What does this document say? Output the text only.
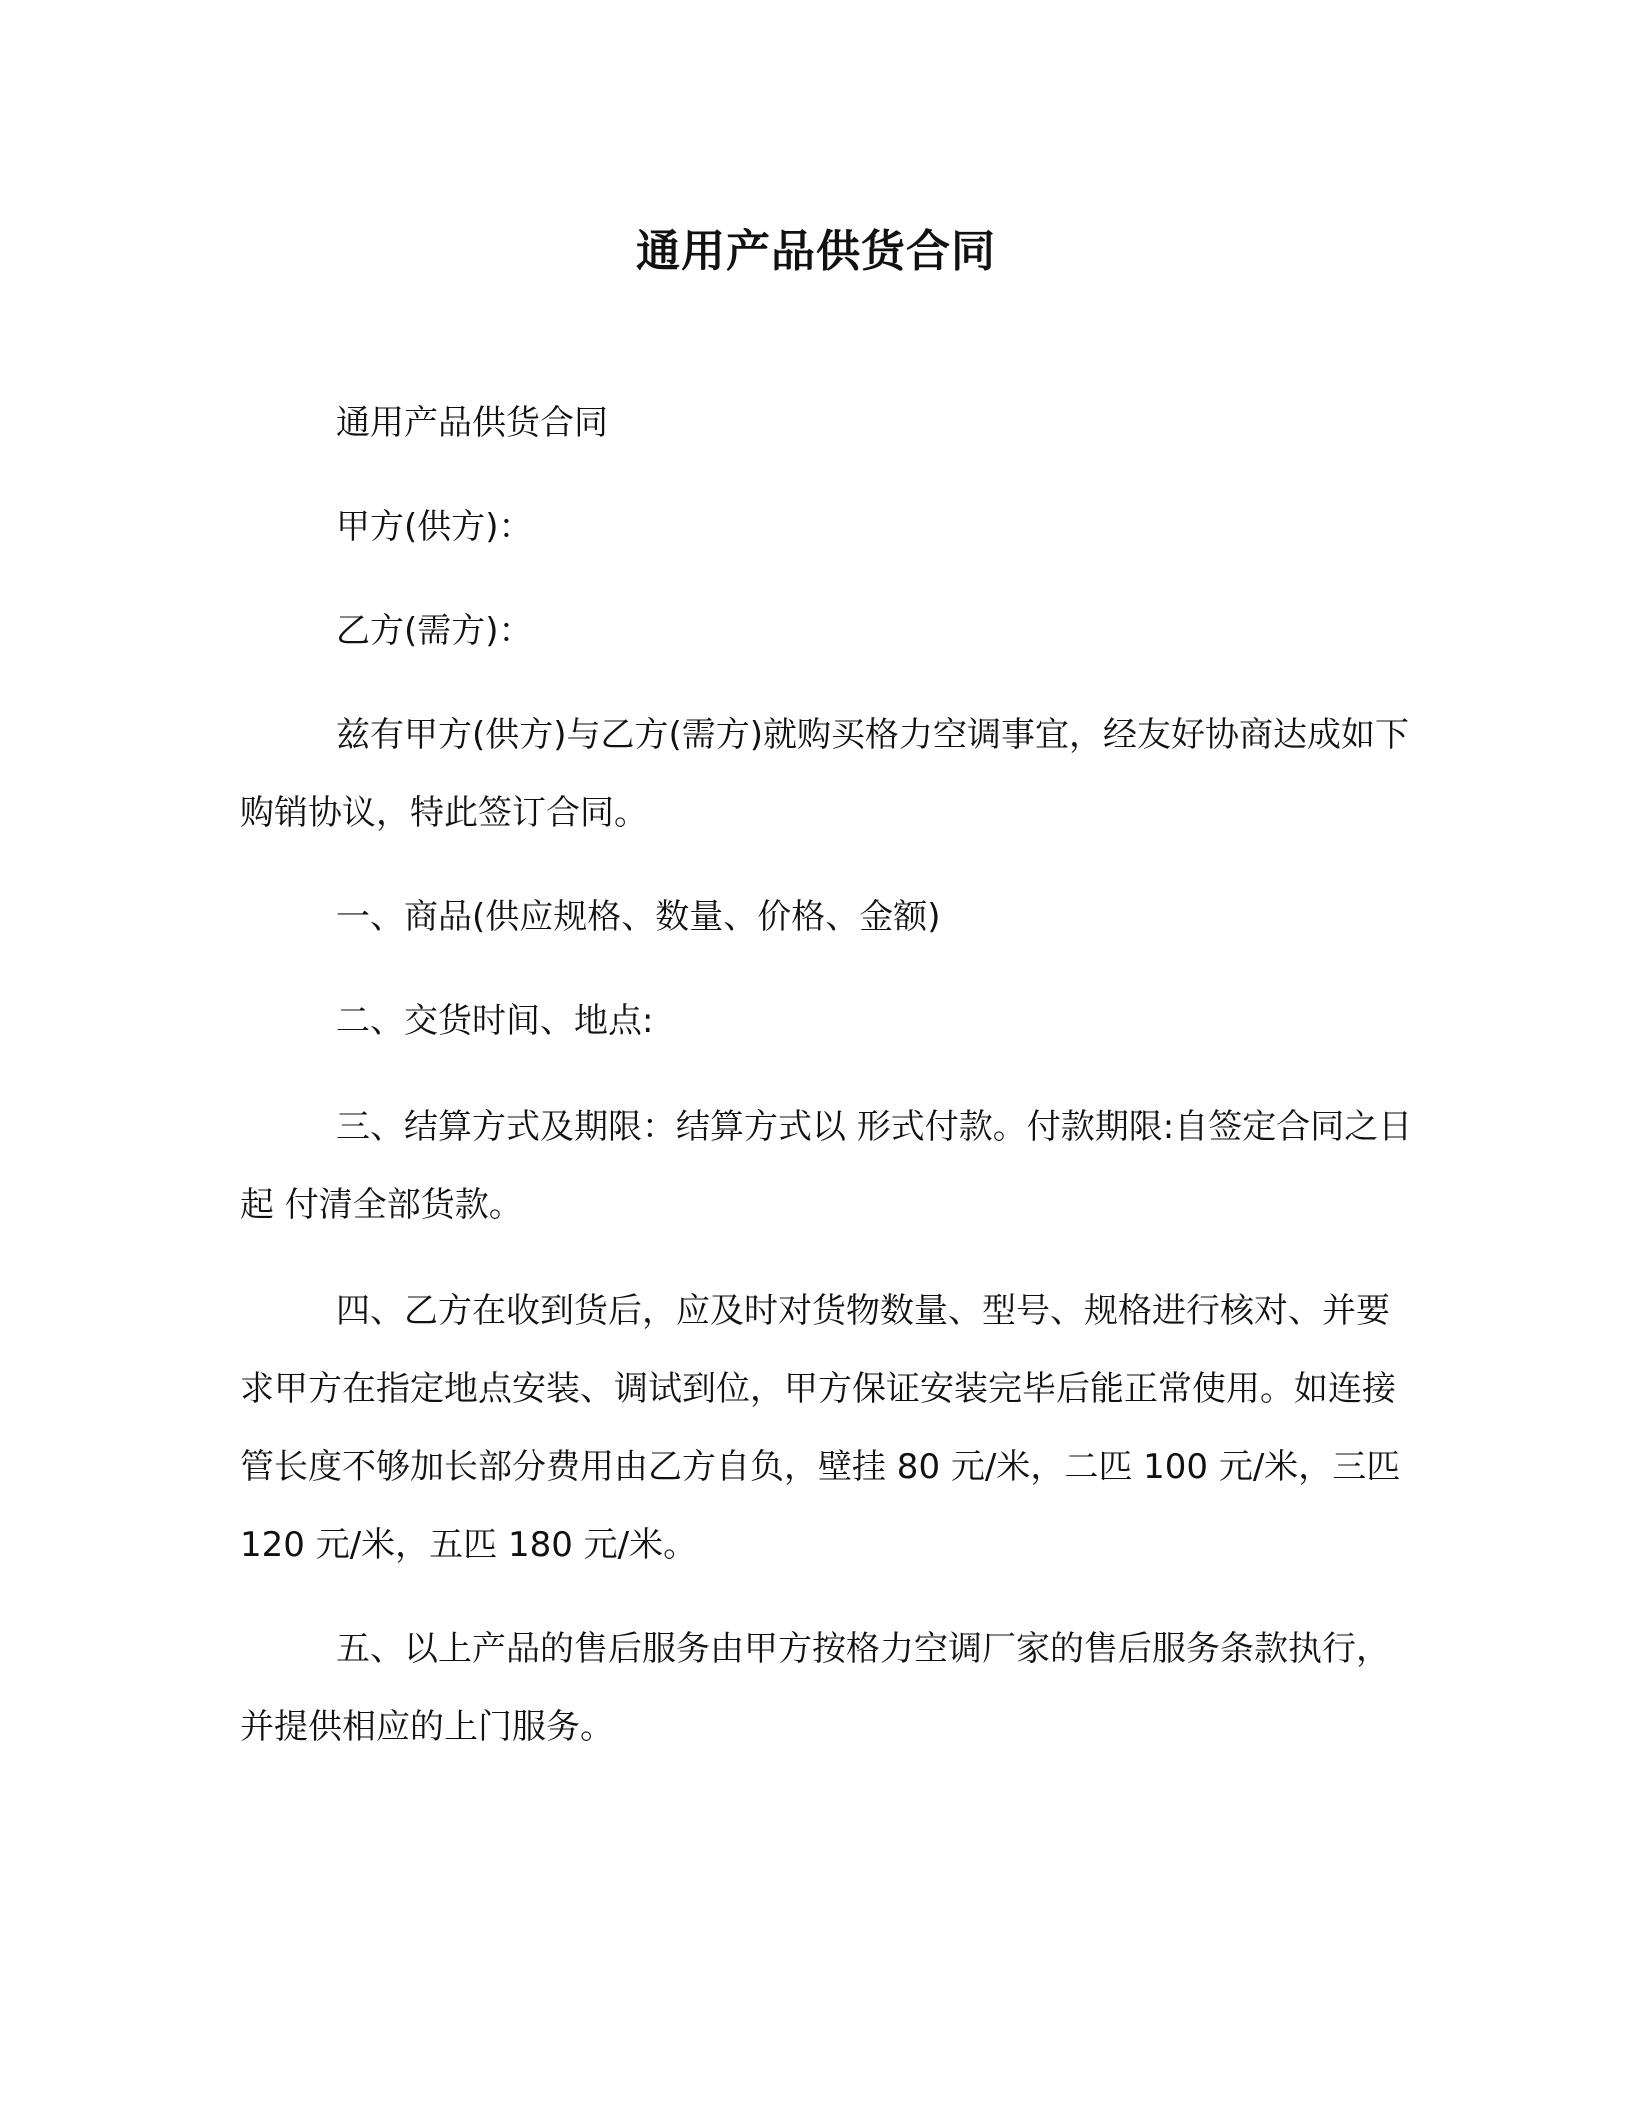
通用产品供货合同

通用产品供货合同

甲方(供方)：

乙方(需方)：

兹有甲方(供方)与乙方(需方)就购买格力空调事宜，经友好协商达成如下购销协议，特此签订合同。

一、商品(供应规格、数量、价格、金额)

二、交货时间、地点:

三、结算方式及期限：结算方式以 形式付款。付款期限:自签定合同之日起 付清全部货款。

四、乙方在收到货后，应及时对货物数量、型号、规格进行核对、并要求甲方在指定地点安装、调试到位，甲方保证安装完毕后能正常使用。如连接管长度不够加长部分费用由乙方自负，壁挂 80 元/米，二匹 100 元/米，三匹 120 元/米，五匹 180 元/米。

五、以上产品的售后服务由甲方按格力空调厂家的售后服务条款执行，并提供相应的上门服务。
